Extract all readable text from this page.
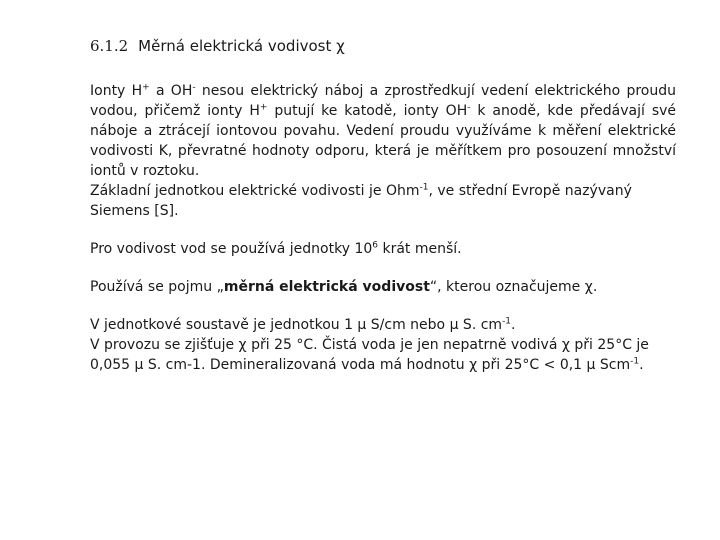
6.1.2 Měrná elektrická vodivost χ

Ionty H+ a OH- nesou elektrický náboj a zprostředkují vedení elektrického proudu vodou, přičemž ionty H+ putují ke katodě, ionty OH- k anodě, kde předávají své náboje a ztrácejí iontovou povahu. Vedení proudu využíváme k měření elektrické vodivosti K, převratné hodnoty odporu, která je měřítkem pro posouzení množství iontů v roztoku.

Základní jednotkou elektrické vodivosti je Ohm$^{-1}$, ve střední Evropě nazývaný Siemens [S].

Pro vodivost vod se používá jednotky $10^6$ krát menší.

Používá se pojmu „měrná elektrická vodivost“, kterou označujeme χ.

V jednotkové soustavě je jednotkou 1 μ S/cm nebo μ S. $cm^{-1}$.

V provozu se zjišťuje χ při 25 °C. Čistá voda je jen nepatrně vodivá χ při 25°C je 0,055 μ S. cm-1. Demineralizovaná voda má hodnotu χ při 25°C < 0,1 μ Scm$^{-1}$.
